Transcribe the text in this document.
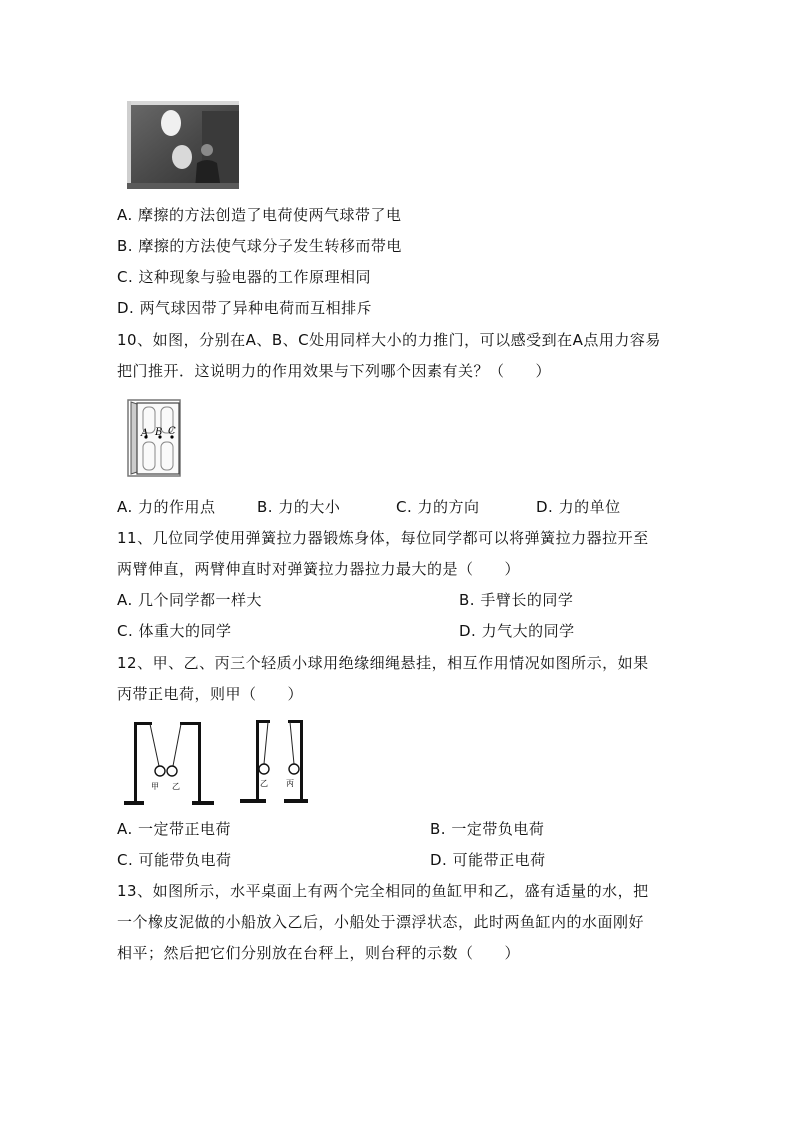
A. 摩擦的方法创造了电荷使两气球带了电
B. 摩擦的方法使气球分子发生转移而带电
C. 这种现象与验电器的工作原理相同
D. 两气球因带了异种电荷而互相排斥
10、如图，分别在A、B、C处用同样大小的力推门，可以感受到在A点用力容易
把门推开．这说明力的作用效果与下列哪个因素有关？（　　）
A B C
A. 力的作用点	B. 力的大小	C. 力的方向	D. 力的单位
11、几位同学使用弹簧拉力器锻炼身体，每位同学都可以将弹簧拉力器拉开至
两臂伸直，两臂伸直时对弹簧拉力器拉力最大的是（　　）
A. 几个同学都一样大	B. 手臂长的同学
C. 体重大的同学	D. 力气大的同学
12、甲、乙、丙三个轻质小球用绝缘细绳悬挂，相互作用情况如图所示，如果
丙带正电荷，则甲（　　）
甲 乙	乙 丙
A. 一定带正电荷	B. 一定带负电荷
C. 可能带负电荷	D. 可能带正电荷
13、如图所示，水平桌面上有两个完全相同的鱼缸甲和乙，盛有适量的水，把
一个橡皮泥做的小船放入乙后，小船处于漂浮状态，此时两鱼缸内的水面刚好
相平；然后把它们分别放在台秤上，则台秤的示数（　　）
